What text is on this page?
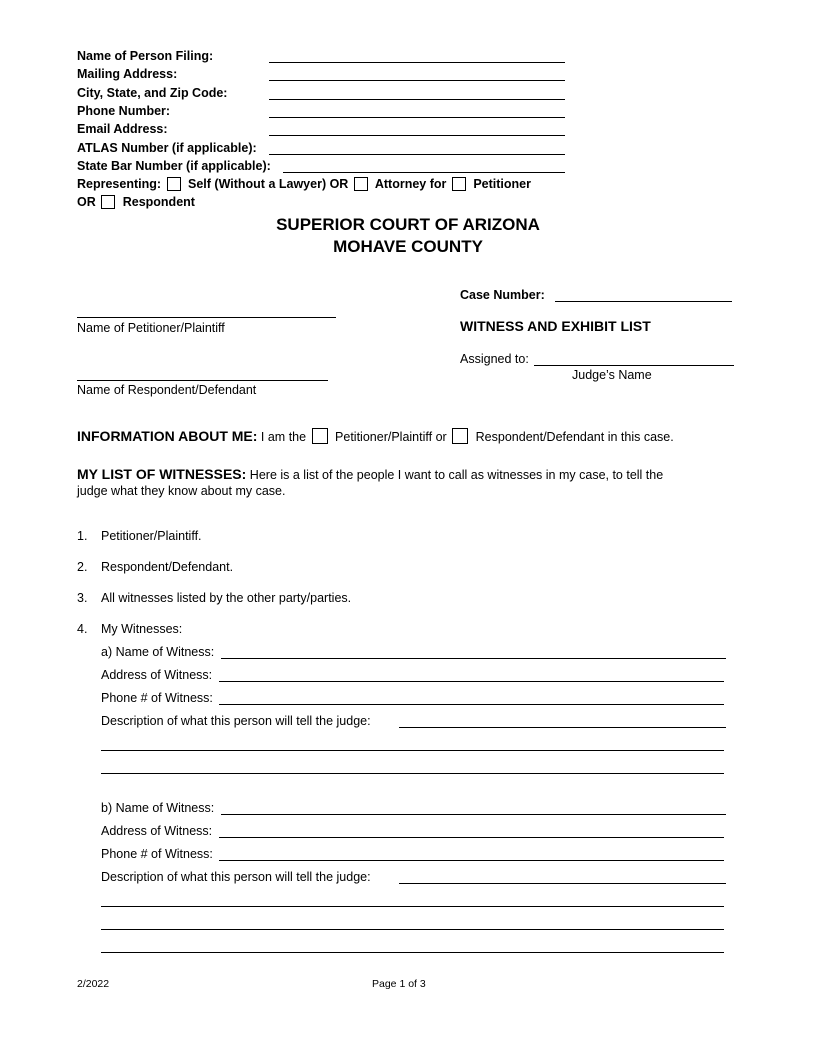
Name of Person Filing:
Mailing Address:
City, State, and Zip Code:
Phone Number:
Email Address:
ATLAS Number (if applicable):
State Bar Number (if applicable):
Representing: Self (Without a Lawyer) OR Attorney for Petitioner
OR Respondent
SUPERIOR COURT OF ARIZONA
MOHAVE COUNTY
Case Number:
Name of Petitioner/Plaintiff	WITNESS AND EXHIBIT LIST
Assigned to:
Judge’s Name
Name of Respondent/Defendant
INFORMATION ABOUT ME: I am the Petitioner/Plaintiff or Respondent/Defendant in this case.
MY LIST OF WITNESSES: Here is a list of the people I want to call as witnesses in my case, to tell the
judge what they know about my case.
1. Petitioner/Plaintiff.
2. Respondent/Defendant.
3. All witnesses listed by the other party/parties.
4. My Witnesses:
a) Name of Witness:
Address of Witness:
Phone # of Witness:
Description of what this person will tell the judge:
b) Name of Witness:
Address of Witness:
Phone # of Witness:
Description of what this person will tell the judge:
2/2022	Page 1 of 3
